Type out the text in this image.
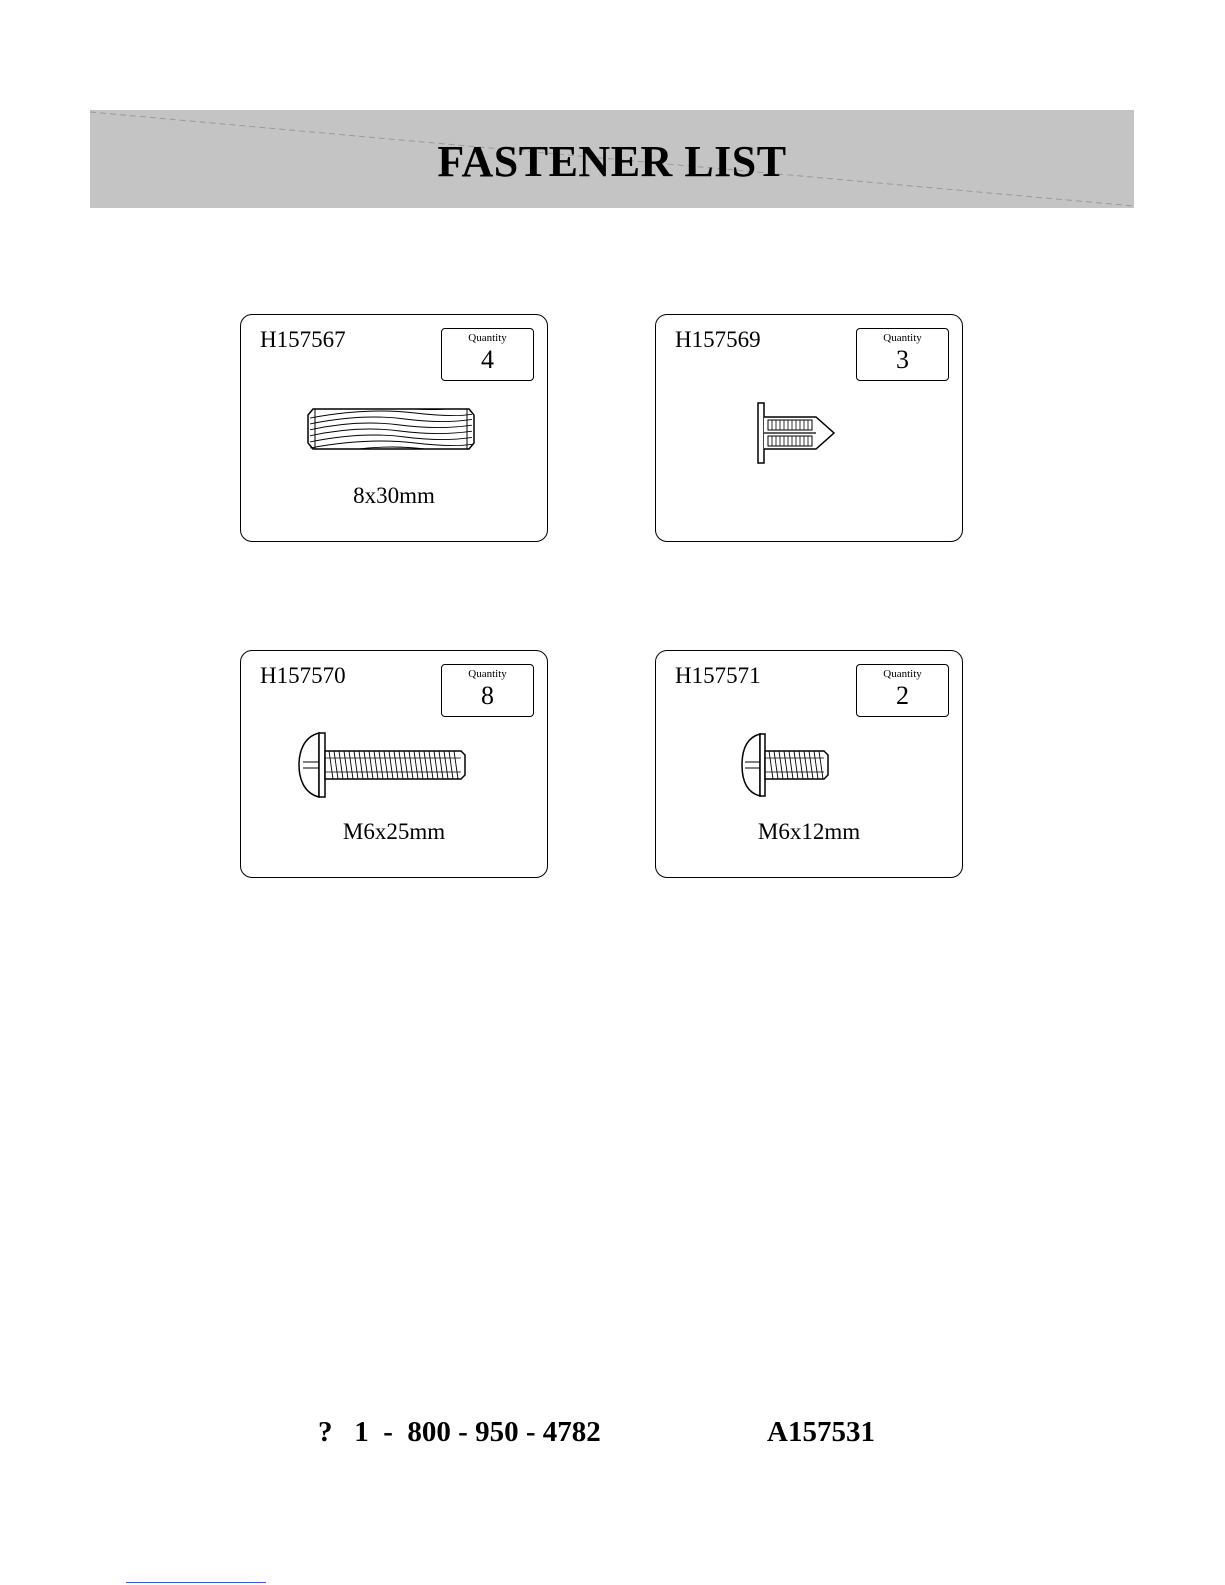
FASTENER LIST
H157567	Quantity
4
8x30mm
H157569	Quantity
3
H157570	Quantity
8
M6x25mm
H157571	Quantity
2
M6x12mm
?   1  -  800 - 950 - 4782	A157531
